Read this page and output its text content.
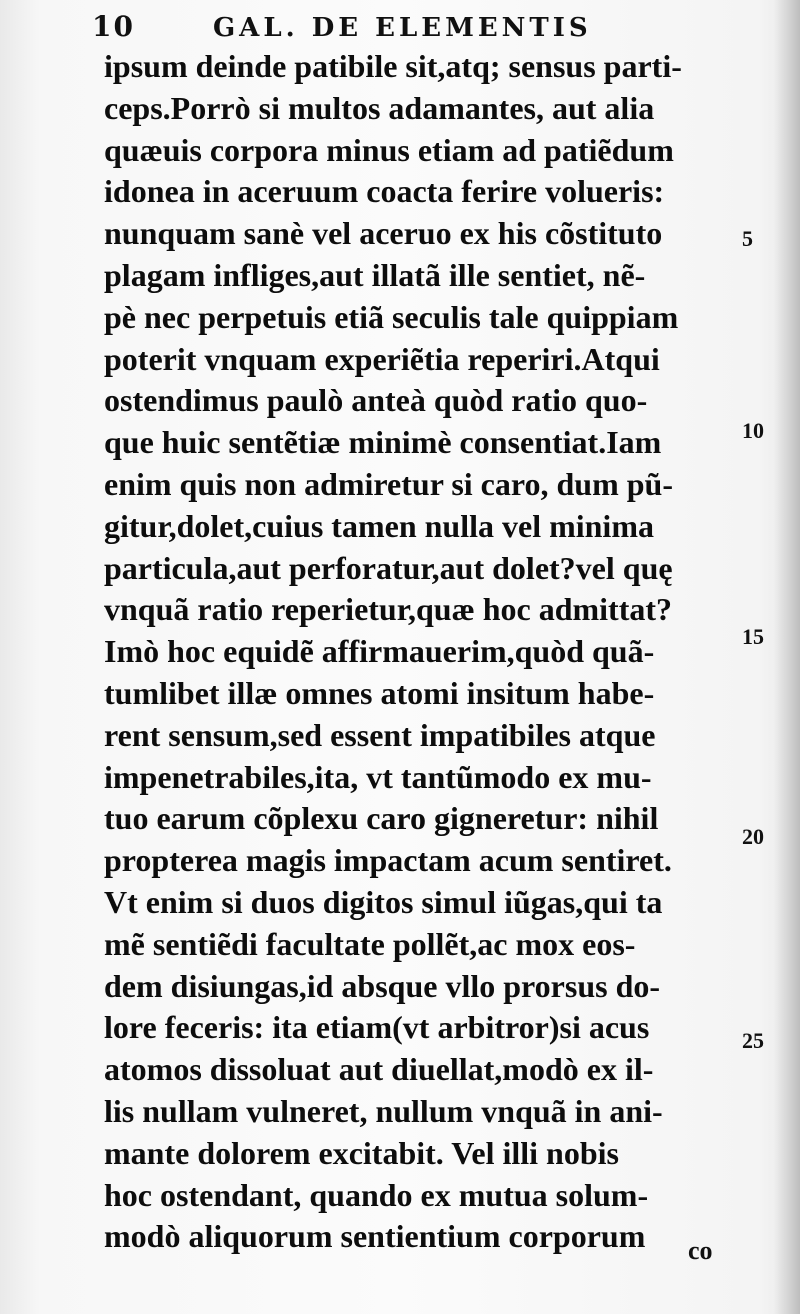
10	GAL. DE ELEMENTIS
ipsum deinde patibile sit,atq; sensus parti-
ceps.Porrò si multos adamantes, aut alia
quæuis corpora minus etiam ad patiẽdum
idonea in aceruum coacta ferire volueris:
nunquam sanè vel aceruo ex his cõstituto
plagam infliges,aut illatã ille sentiet, nẽ-
pè nec perpetuis etiã seculis tale quippiam
poterit vnquam experiẽtia reperiri.Atqui
ostendimus paulò anteà quòd ratio quo-
que huic sentẽtiæ minimè consentiat.Iam
enim quis non admiretur si caro, dum pũ-
gitur,dolet,cuius tamen nulla vel minima
particula,aut perforatur,aut dolet?vel quę
vnquã ratio reperietur,quæ hoc admittat?
Imò hoc equidẽ affirmauerim,quòd quã-
tumlibet illæ omnes atomi insitum habe-
rent sensum,sed essent impatibiles atque
impenetrabiles,ita, vt tantũmodo ex mu-
tuo earum cõplexu caro gigneretur: nihil
propterea magis impactam acum sentiret.
Vt enim si duos digitos simul iũgas,qui ta
mẽ sentiẽdi facultate pollẽt,ac mox eos-
dem disiungas,id absque vllo prorsus do-
lore feceris: ita etiam(vt arbitror)si acus
atomos dissoluat aut diuellat,modò ex il-
lis nullam vulneret, nullum vnquã in ani-
mante dolorem excitabit. Vel illi nobis
hoc ostendant, quando ex mutua solum-
modò aliquorum sentientium corporum
5
10
15
20
25
co
